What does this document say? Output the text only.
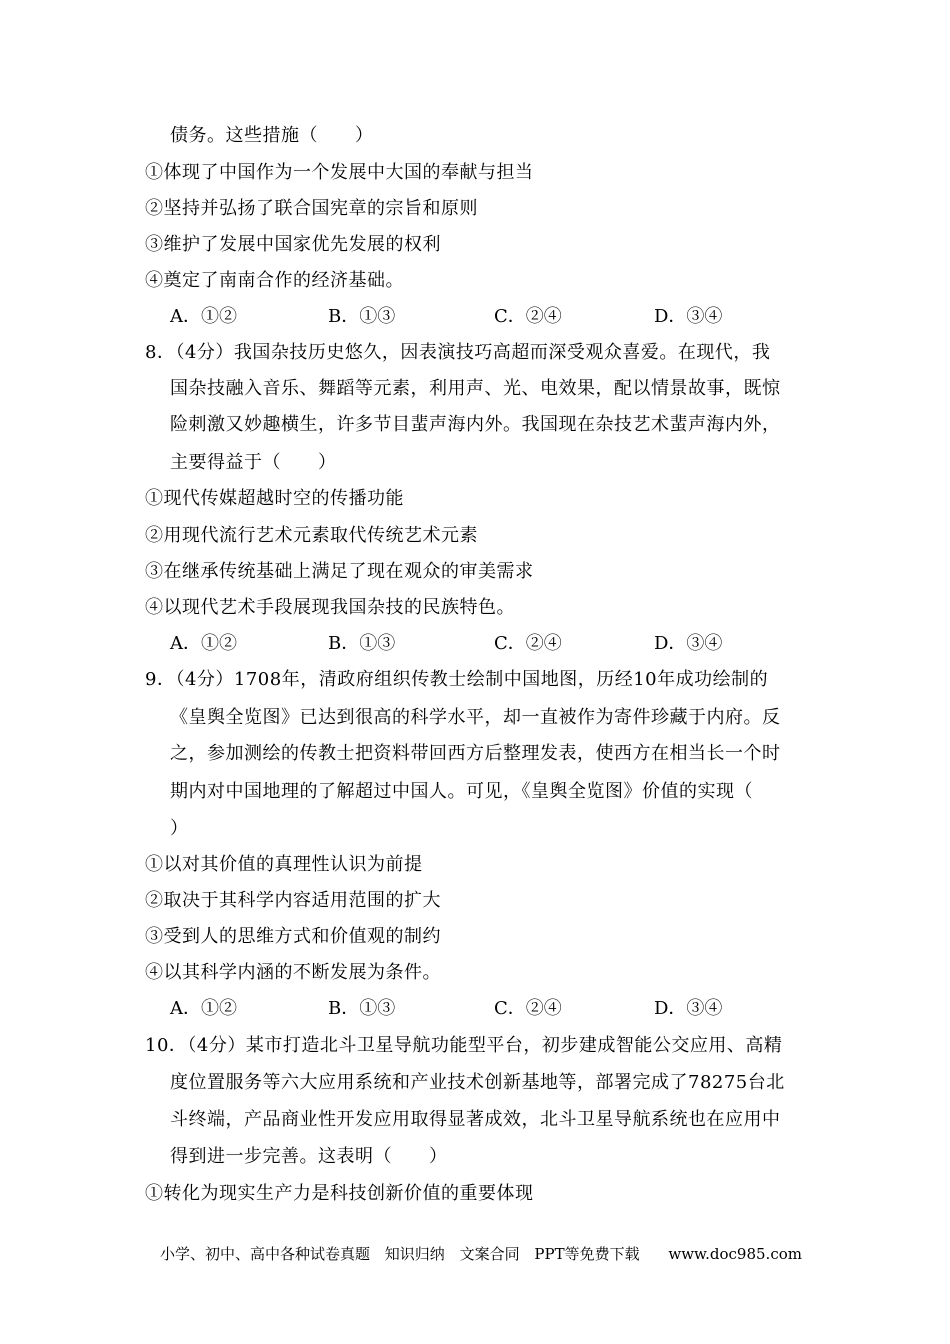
债务。这些措施（　　）
①体现了中国作为一个发展中大国的奉献与担当
②坚持并弘扬了联合国宪章的宗旨和原则
③维护了发展中国家优先发展的权利
④奠定了南南合作的经济基础。
A．①②	B．①③	C．②④	D．③④
8．（4分）我国杂技历史悠久，因表演技巧高超而深受观众喜爱。在现代，我
国杂技融入音乐、舞蹈等元素，利用声、光、电效果，配以情景故事，既惊
险刺激又妙趣横生，许多节目蜚声海内外。我国现在杂技艺术蜚声海内外，
主要得益于（　　）
①现代传媒超越时空的传播功能
②用现代流行艺术元素取代传统艺术元素
③在继承传统基础上满足了现在观众的审美需求
④以现代艺术手段展现我国杂技的民族特色。
A．①②	B．①③	C．②④	D．③④
9．（4分）1708年，清政府组织传教士绘制中国地图，历经10年成功绘制的
《皇舆全览图》已达到很高的科学水平，却一直被作为寄件珍藏于内府。反
之，参加测绘的传教士把资料带回西方后整理发表，使西方在相当长一个时
期内对中国地理的了解超过中国人。可见，《皇舆全览图》价值的实现（
）
①以对其价值的真理性认识为前提
②取决于其科学内容适用范围的扩大
③受到人的思维方式和价值观的制约
④以其科学内涵的不断发展为条件。
A．①②	B．①③	C．②④	D．③④
10．（4分）某市打造北斗卫星导航功能型平台，初步建成智能公交应用、高精
度位置服务等六大应用系统和产业技术创新基地等，部署完成了78275台北
斗终端，产品商业性开发应用取得显著成效，北斗卫星导航系统也在应用中
得到进一步完善。这表明（　　）
①转化为现实生产力是科技创新价值的重要体现
小学、初中、高中各种试卷真题 知识归纳 文案合同 PPT等免费下载 www.doc985.com
